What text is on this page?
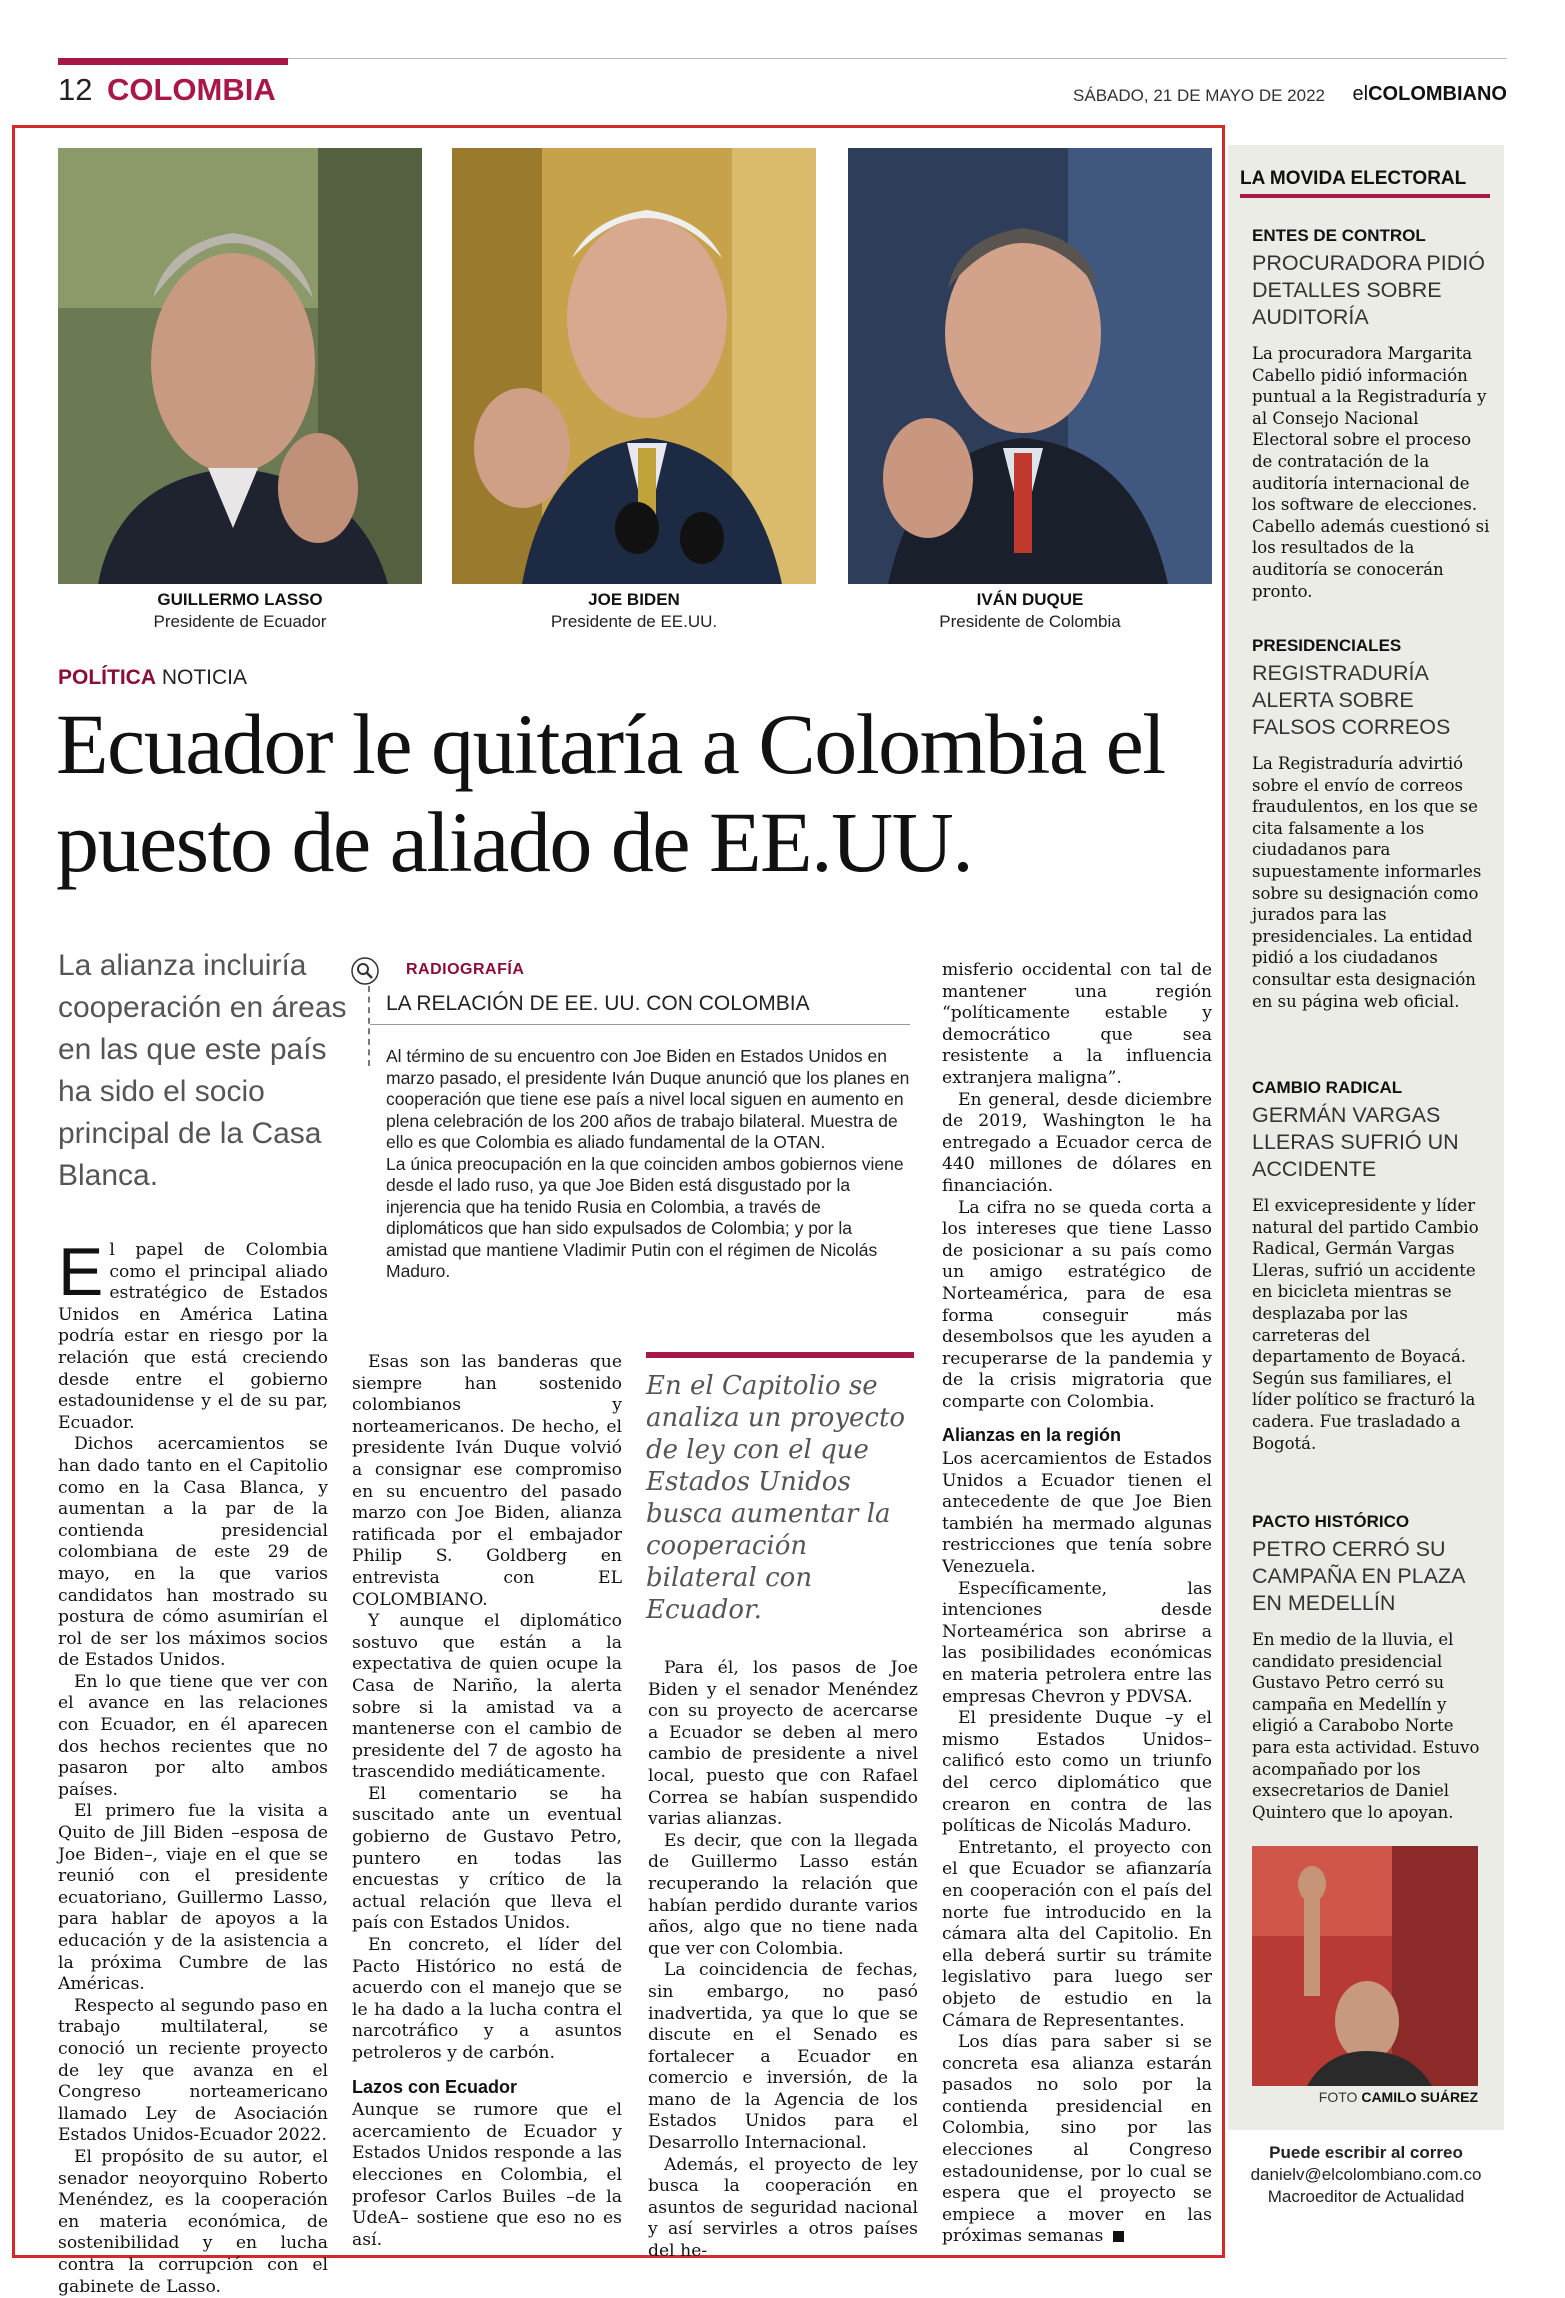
12 COLOMBIA	SÁBADO, 21 DE MAYO DE 2022 elCOLOMBIANO
GUILLERMO LASSO
Presidente de Ecuador
JOE BIDEN
Presidente de EE.UU.
IVÁN DUQUE
Presidente de Colombia
POLÍTICA NOTICIA
Ecuador le quitaría a Colombia el puesto de aliado de EE.UU.
La alianza incluiría cooperación en áreas en las que este país ha sido el socio principal de la Casa Blanca.
RADIOGRAFÍA
LA RELACIÓN DE EE. UU. CON COLOMBIA

Al término de su encuentro con Joe Biden en Estados Unidos en marzo pasado, el presidente Iván Duque anunció que los planes en cooperación que tiene ese país a nivel local siguen en aumento en plena celebración de los 200 años de trabajo bilateral. Muestra de ello es que Colombia es aliado fundamental de la OTAN.

La única preocupación en la que coinciden ambos gobiernos viene desde el lado ruso, ya que Joe Biden está disgustado por la injerencia que ha tenido Rusia en Colombia, a través de diplomáticos que han sido expulsados de Colombia; y por la amistad que mantiene Vladimir Putin con el régimen de Nicolás Maduro.

El papel de Colombia como el principal aliado estratégico de Estados Unidos en América Latina podría estar en riesgo por la relación que está creciendo desde entre el gobierno estadounidense y el de su par, Ecuador.

Dichos acercamientos se han dado tanto en el Capitolio como en la Casa Blanca, y aumentan a la par de la contienda presidencial colombiana de este 29 de mayo, en la que varios candidatos han mostrado su postura de cómo asumirían el rol de ser los máximos socios de Estados Unidos.

En lo que tiene que ver con el avance en las relaciones con Ecuador, en él aparecen dos hechos recientes que no pasaron por alto ambos países.

El primero fue la visita a Quito de Jill Biden –esposa de Joe Biden–, viaje en el que se reunió con el presidente ecuatoriano, Guillermo Lasso, para hablar de apoyos a la educación y de la asistencia a la próxima Cumbre de las Américas.

Respecto al segundo paso en trabajo multilateral, se conoció un reciente proyecto de ley que avanza en el Congreso norteamericano llamado Ley de Asociación Estados Unidos-Ecuador 2022.

El propósito de su autor, el senador neoyorquino Roberto Menéndez, es la cooperación en materia económica, de sostenibilidad y en lucha contra la corrupción con el gabinete de Lasso.

Esas son las banderas que siempre han sostenido colombianos y norteamericanos. De hecho, el presidente Iván Duque volvió a consignar ese compromiso en su encuentro del pasado marzo con Joe Biden, alianza ratificada por el embajador Philip S. Goldberg en entrevista con EL COLOMBIANO.

Y aunque el diplomático sostuvo que están a la expectativa de quien ocupe la Casa de Nariño, la alerta sobre si la amistad va a mantenerse con el cambio de presidente del 7 de agosto ha trascendido mediáticamente.

El comentario se ha suscitado ante un eventual gobierno de Gustavo Petro, puntero en todas las encuestas y crítico de la actual relación que lleva el país con Estados Unidos.

En concreto, el líder del Pacto Histórico no está de acuerdo con el manejo que se le ha dado a la lucha contra el narcotráfico y a asuntos petroleros y de carbón.

Lazos con Ecuador

Aunque se rumore que el acercamiento de Ecuador y Estados Unidos responde a las elecciones en Colombia, el profesor Carlos Builes –de la UdeA– sostiene que eso no es así.

En el Capitolio se analiza un proyecto de ley con el que Estados Unidos busca aumentar la cooperación bilateral con Ecuador.

Para él, los pasos de Joe Biden y el senador Menéndez con su proyecto de acercarse a Ecuador se deben al mero cambio de presidente a nivel local, puesto que con Rafael Correa se habían suspendido varias alianzas.

Es decir, que con la llegada de Guillermo Lasso están recuperando la relación que habían perdido durante varios años, algo que no tiene nada que ver con Colombia.

La coincidencia de fechas, sin embargo, no pasó inadvertida, ya que lo que se discute en el Senado es fortalecer a Ecuador en comercio e inversión, de la mano de la Agencia de los Estados Unidos para el Desarrollo Internacional.

Además, el proyecto de ley busca la cooperación en asuntos de seguridad nacional y así servirles a otros países del he-

misferio occidental con tal de mantener una región “políticamente estable y democrático que sea resistente a la influencia extranjera maligna”.

En general, desde diciembre de 2019, Washington le ha entregado a Ecuador cerca de 440 millones de dólares en financiación.

La cifra no se queda corta a los intereses que tiene Lasso de posicionar a su país como un amigo estratégico de Norteamérica, para de esa forma conseguir más desembolsos que les ayuden a recuperarse de la pandemia y de la crisis migratoria que comparte con Colombia.

Alianzas en la región

Los acercamientos de Estados Unidos a Ecuador tienen el antecedente de que Joe Bien también ha mermado algunas restricciones que tenía sobre Venezuela.

Específicamente, las intenciones desde Norteamérica son abrirse a las posibilidades económicas en materia petrolera entre las empresas Chevron y PDVSA.

El presidente Duque –y el mismo Estados Unidos– calificó esto como un triunfo del cerco diplomático que crearon en contra de las políticas de Nicolás Maduro.

Entretanto, el proyecto con el que Ecuador se afianzaría en cooperación con el país del norte fue introducido en la cámara alta del Capitolio. En ella deberá surtir su trámite legislativo para luego ser objeto de estudio en la Cámara de Representantes.

Los días para saber si se concreta esa alianza estarán pasados no solo por la contienda presidencial en Colombia, sino por las elecciones al Congreso estadounidense, por lo cual se espera que el proyecto se empiece a mover en las próximas semanas

LA MOVIDA ELECTORAL
ENTES DE CONTROL
PROCURADORA PIDIÓ DETALLES SOBRE AUDITORÍA
La procuradora Margarita Cabello pidió información puntual a la Registraduría y al Consejo Nacional Electoral sobre el proceso de contratación de la auditoría internacional de los software de elecciones. Cabello además cuestionó si los resultados de la auditoría se conocerán pronto.
PRESIDENCIALES
REGISTRADURÍA ALERTA SOBRE FALSOS CORREOS
La Registraduría advirtió sobre el envío de correos fraudulentos, en los que se cita falsamente a los ciudadanos para supuestamente informarles sobre su designación como jurados para las presidenciales. La entidad pidió a los ciudadanos consultar esta designación en su página web oficial.
CAMBIO RADICAL
GERMÁN VARGAS LLERAS SUFRIÓ UN ACCIDENTE
El exvicepresidente y líder natural del partido Cambio Radical, Germán Vargas Lleras, sufrió un accidente en bicicleta mientras se desplazaba por las carreteras del departamento de Boyacá. Según sus familiares, el líder político se fracturó la cadera. Fue trasladado a Bogotá.
PACTO HISTÓRICO
PETRO CERRÓ SU CAMPAÑA EN PLAZA EN MEDELLÍN
En medio de la lluvia, el candidato presidencial Gustavo Petro cerró su campaña en Medellín y eligió a Carabobo Norte para esta actividad. Estuvo acompañado por los exsecretarios de Daniel Quintero que lo apoyan.
FOTO CAMILO SUÁREZ
Puede escribir al correo
danielv@elcolombiano.com.co
Macroeditor de Actualidad
